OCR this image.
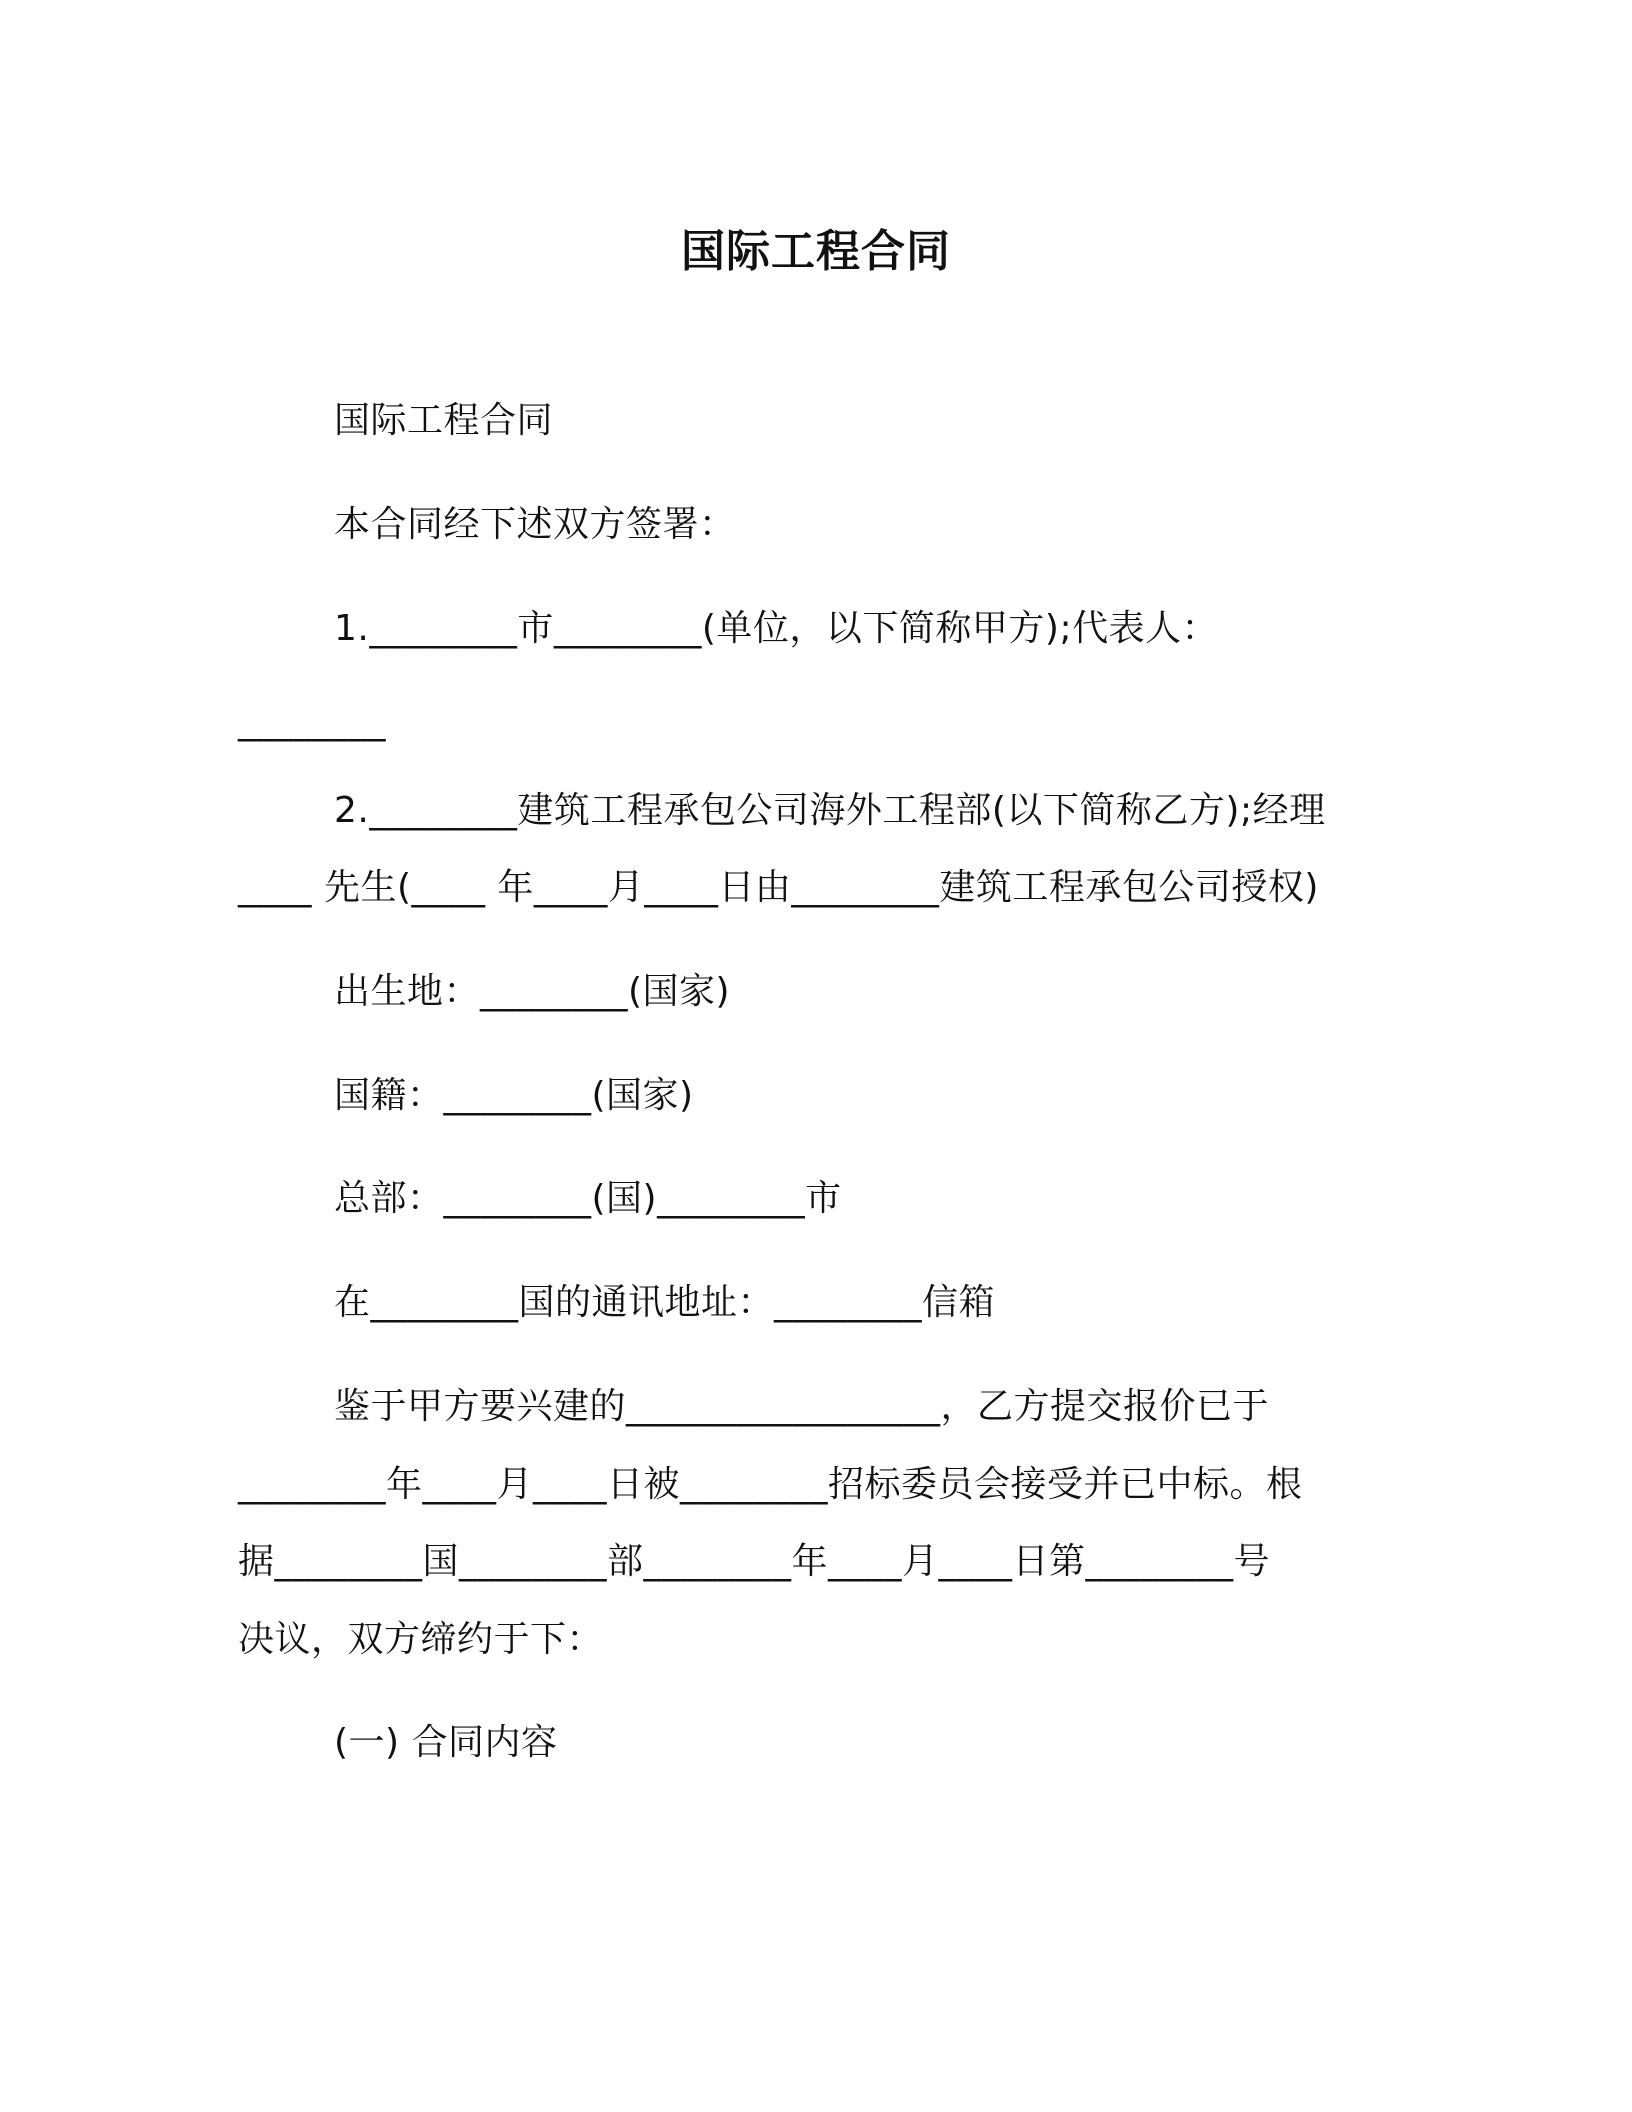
国际工程合同
国际工程合同
本合同经下述双方签署：
1.________市________(单位，以下简称甲方);代表人：
________
2.________建筑工程承包公司海外工程部(以下简称乙方);经理
____ 先生(____ 年____月____日由________建筑工程承包公司授权)
出生地：________(国家)
国籍：________(国家)
总部：________(国)________市
在________国的通讯地址：________信箱
鉴于甲方要兴建的_________________，乙方提交报价已于
________年____月____日被________招标委员会接受并已中标。根
据________国________部________年____月____日第________号
决议，双方缔约于下：
(一) 合同内容
